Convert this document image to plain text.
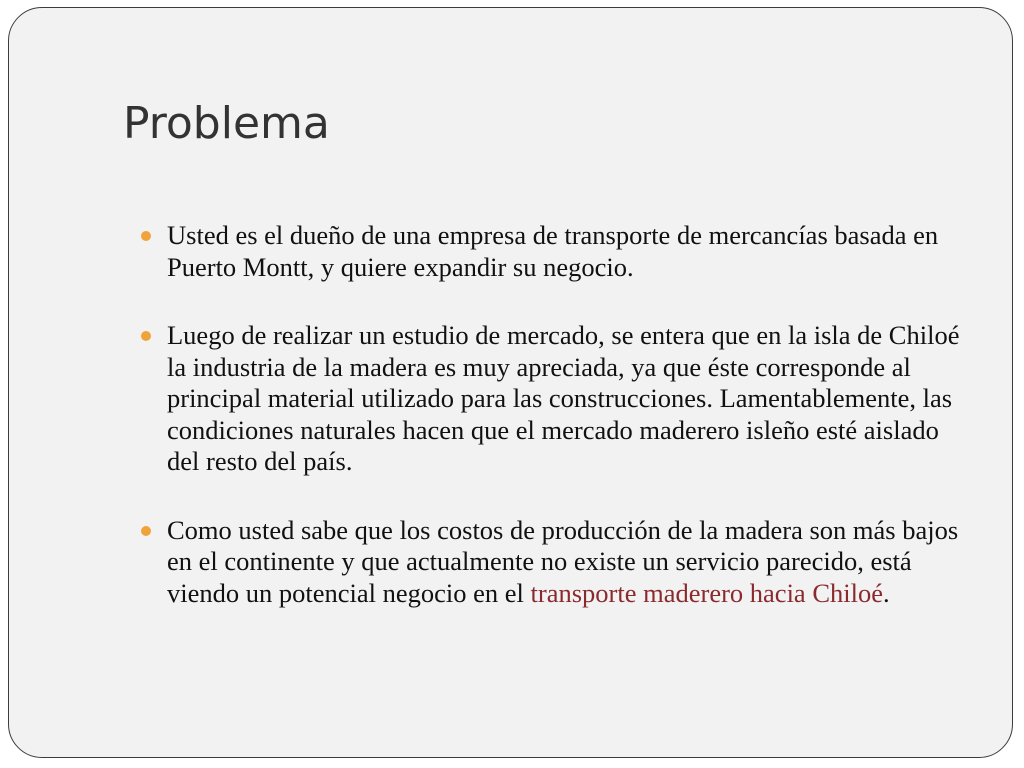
Problema
Usted es el dueño de una empresa de transporte de mercancías basada en Puerto Montt, y quiere expandir su negocio.
Luego de realizar un estudio de mercado, se entera que en la isla de Chiloé la industria de la madera es muy apreciada, ya que éste corresponde al principal material utilizado para las construcciones. Lamentablemente, las condiciones naturales hacen que el mercado maderero isleño esté aislado del resto del país.
Como usted sabe que los costos de producción de la madera son más bajos en el continente y que actualmente no existe un servicio parecido, está viendo un potencial negocio en el transporte maderero hacia Chiloé.
